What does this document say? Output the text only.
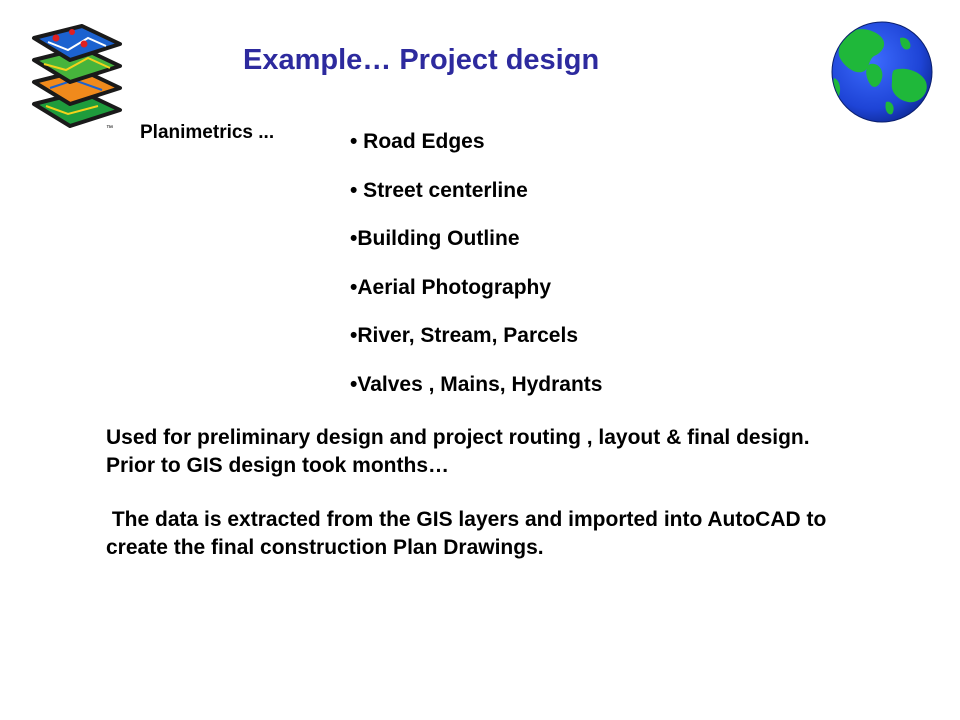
™
Example… Project design
Planimetrics ...	• Road Edges
• Street centerline
•Building Outline
•Aerial Photography
•River, Stream, Parcels
•Valves , Mains, Hydrants

Used for preliminary design and project routing , layout & final design. Prior to GIS design took months…

The data is extracted from the GIS layers and imported into AutoCAD to create the final construction Plan Drawings.
